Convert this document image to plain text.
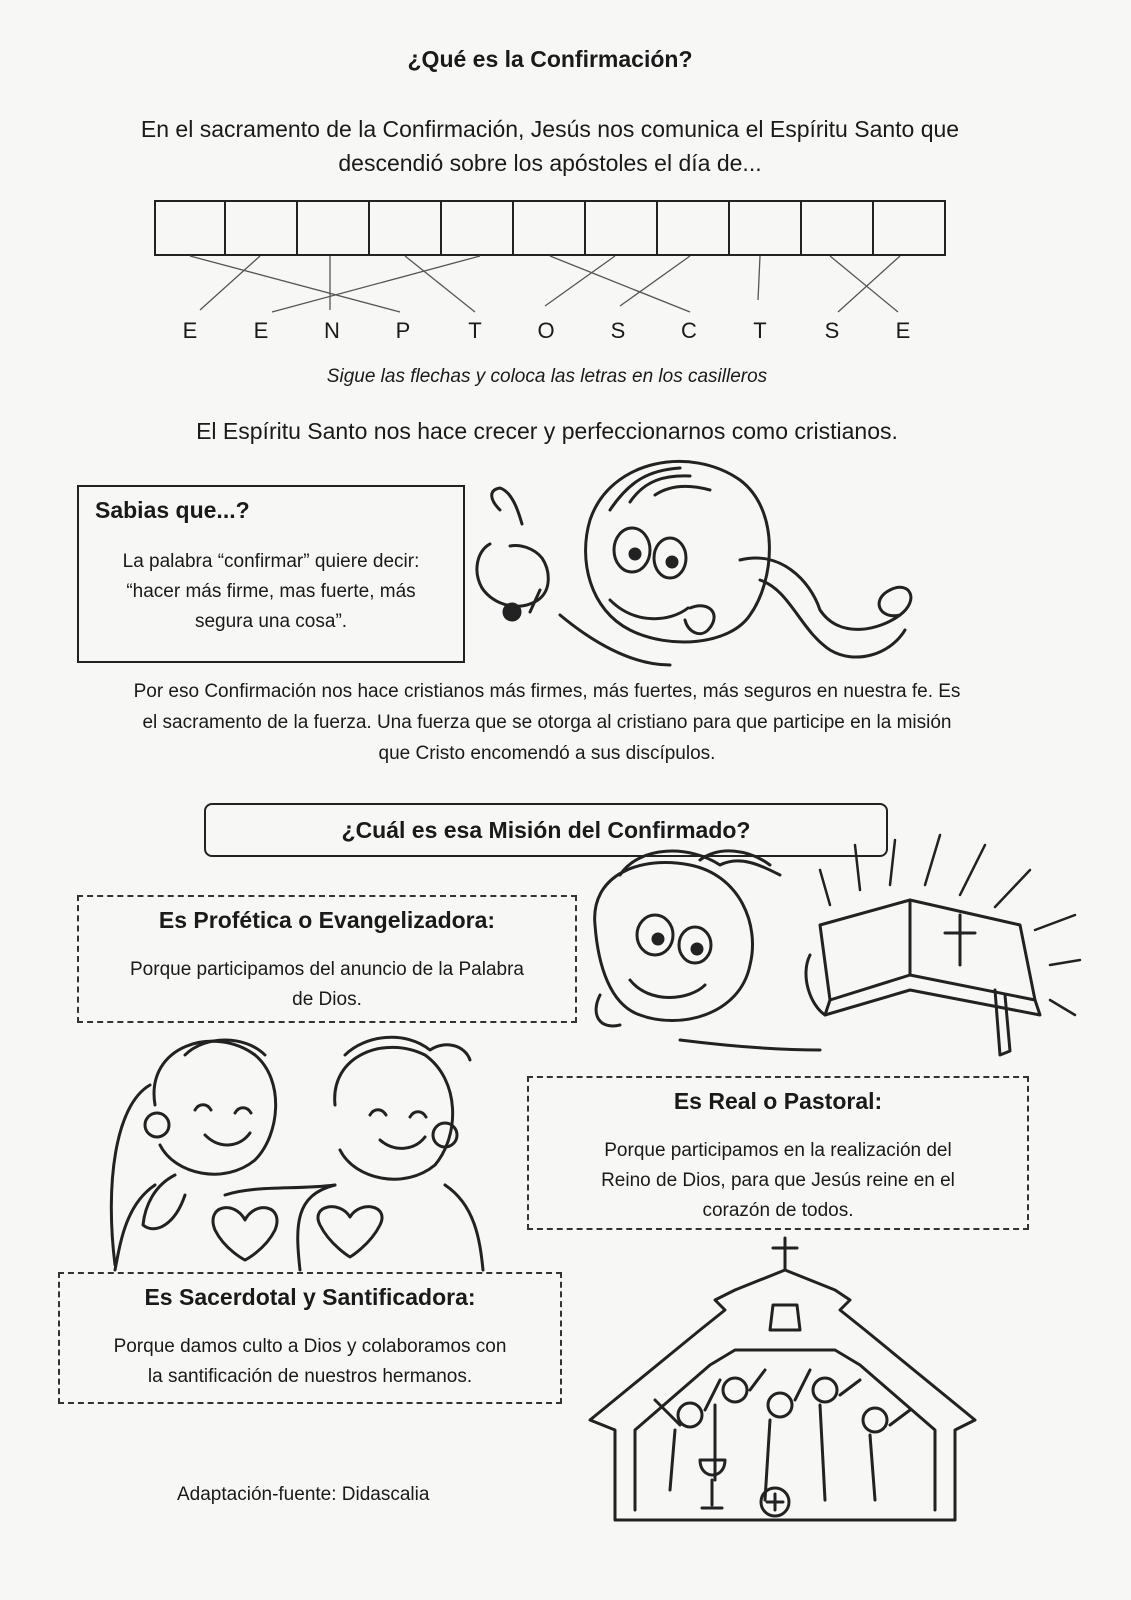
¿Qué es la Confirmación?
En el sacramento de la Confirmación, Jesús nos comunica el Espíritu Santo que
descendió sobre los apóstoles el día de...
E	E	N	P	T	O	S	C	T	S	E
Sigue las flechas y coloca las letras en los casilleros
El Espíritu Santo nos hace crecer y perfeccionarnos como cristianos.
Sabias que...?
La palabra “confirmar” quiere decir:
“hacer más firme, mas fuerte, más
segura una cosa”.
Por eso Confirmación nos hace cristianos más firmes, más fuertes, más seguros en nuestra fe. Es
el sacramento de la fuerza. Una fuerza que se otorga al cristiano para que participe en la misión
que Cristo encomendó a sus discípulos.
¿Cuál es esa Misión del Confirmado?
Es Profética o Evangelizadora:
Porque participamos del anuncio de la Palabra
de Dios.
Es Real o Pastoral:
Porque participamos en la realización del
Reino de Dios, para que Jesús reine en el
corazón de todos.
Es Sacerdotal y Santificadora:
Porque damos culto a Dios y colaboramos con
la santificación de nuestros hermanos.
Adaptación-fuente: Didascalia
